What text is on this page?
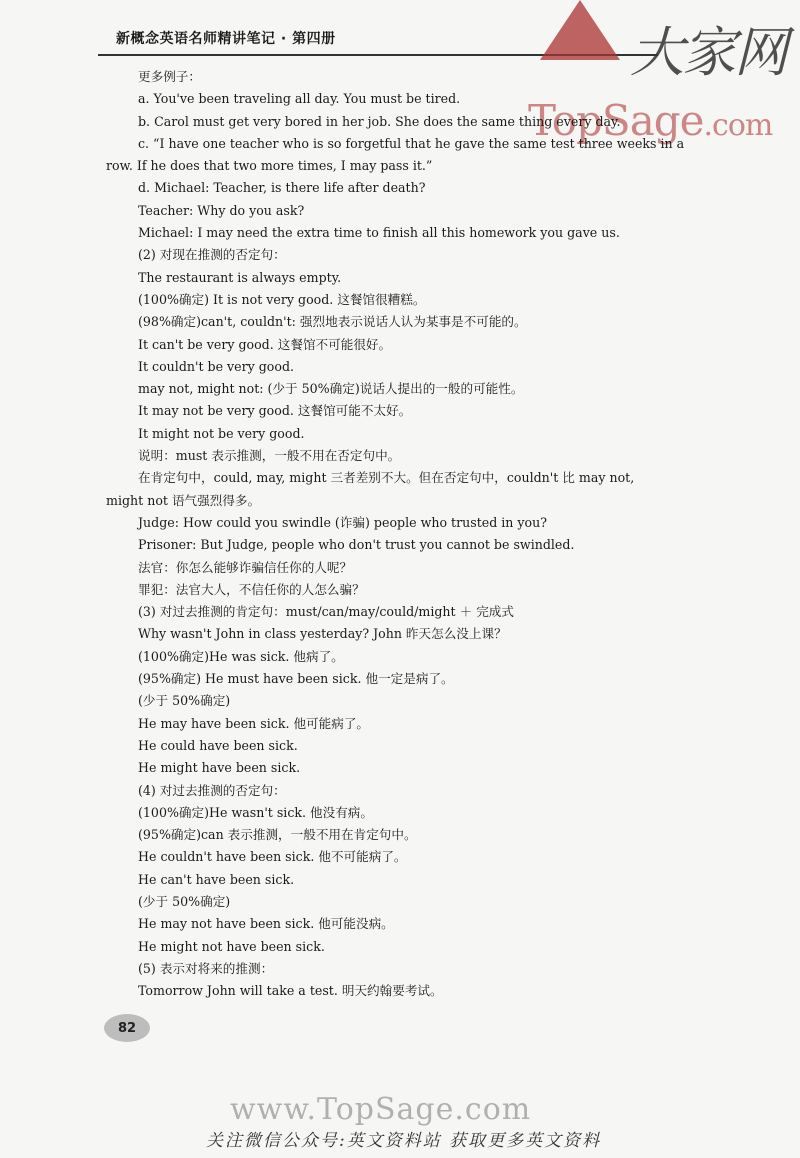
新概念英语名师精讲笔记 · 第四册	大家网
TopSage.com
更多例子：
a. You've been traveling all day. You must be tired.
b. Carol must get very bored in her job. She does the same thing every day.
c. “I have one teacher who is so forgetful that he gave the same test three weeks in a
row. If he does that two more times, I may pass it.”
d. Michael: Teacher, is there life after death?
Teacher: Why do you ask?
Michael: I may need the extra time to finish all this homework you gave us.
(2) 对现在推测的否定句：
The restaurant is always empty.
(100%确定) It is not very good. 这餐馆很糟糕。
(98%确定)can't, couldn't: 强烈地表示说话人认为某事是不可能的。
It can't be very good. 这餐馆不可能很好。
It couldn't be very good.
may not, might not: (少于 50%确定)说话人提出的一般的可能性。
It may not be very good. 这餐馆可能不太好。
It might not be very good.
说明：must 表示推测，一般不用在否定句中。
在肯定句中，could, may, might 三者差别不大。但在否定句中，couldn't 比 may not,
might not 语气强烈得多。
Judge: How could you swindle (诈骗) people who trusted in you?
Prisoner: But Judge, people who don't trust you cannot be swindled.
法官：你怎么能够诈骗信任你的人呢？
罪犯：法官大人，不信任你的人怎么骗？
(3) 对过去推测的肯定句：must/can/may/could/might ＋ 完成式
Why wasn't John in class yesterday? John 昨天怎么没上课？
(100%确定)He was sick. 他病了。
(95%确定) He must have been sick. 他一定是病了。
(少于 50%确定)
He may have been sick. 他可能病了。
He could have been sick.
He might have been sick.
(4) 对过去推测的否定句：
(100%确定)He wasn't sick. 他没有病。
(95%确定)can 表示推测，一般不用在肯定句中。
He couldn't have been sick. 他不可能病了。
He can't have been sick.
(少于 50%确定)
He may not have been sick. 他可能没病。
He might not have been sick.
(5) 表示对将来的推测：
Tomorrow John will take a test. 明天约翰要考试。
82
www.TopSage.com
关注微信公众号:英文资料站 获取更多英文资料
